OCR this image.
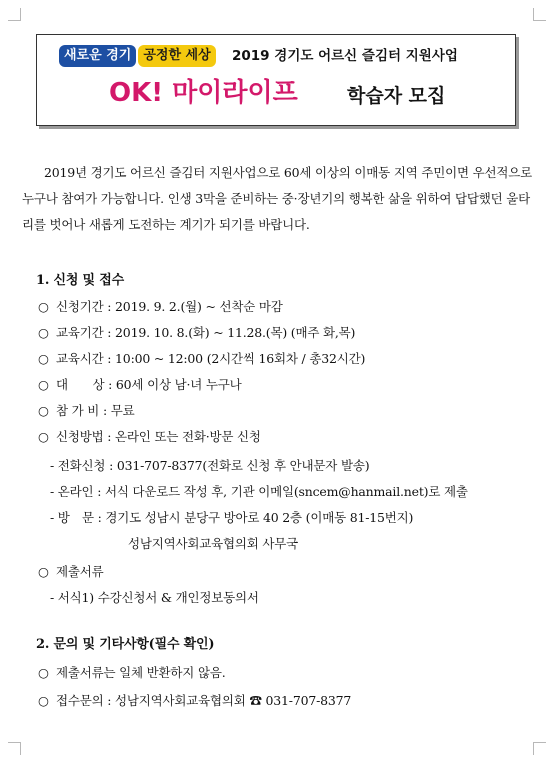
새로운 경기 공정한 세상	2019 경기도 어르신 즐김터 지원사업
OK! 마이라이프	학습자 모집
2019년 경기도 어르신 즐김터 지원사업으로 60세 이상의 이매동 지역 주민이면 우선적으로 누구나 참여가 가능합니다. 인생 3막을 준비하는 중·장년기의 행복한 삶을 위하여 답답했던 울타리를 벗어나 새롭게 도전하는 계기가 되기를 바랍니다.
1. 신청 및 접수
○ 신청기간 : 2019. 9. 2.(월) ~ 선착순 마감
○ 교육기간 : 2019. 10. 8.(화) ~ 11.28.(목) (매주 화,목)
○ 교육시간 : 10:00 ~ 12:00 (2시간씩 16회차 / 총32시간)
○ 대　　상 : 60세 이상 남·녀 누구나
○ 참 가 비 : 무료
○ 신청방법 : 온라인 또는 전화·방문 신청
- 전화신청 : 031-707-8377(전화로 신청 후 안내문자 발송)
- 온라인 : 서식 다운로드 작성 후, 기관 이메일(sncem@hanmail.net)로 제출
- 방　문 : 경기도 성남시 분당구 방아로 40 2층 (이매동 81-15번지)
성남지역사회교육협의회 사무국
○ 제출서류
- 서식1) 수강신청서 & 개인정보동의서
2. 문의 및 기타사항(필수 확인)
○ 제출서류는 일체 반환하지 않음.
○ 접수문의 : 성남지역사회교육협의회 ☎ 031-707-8377
